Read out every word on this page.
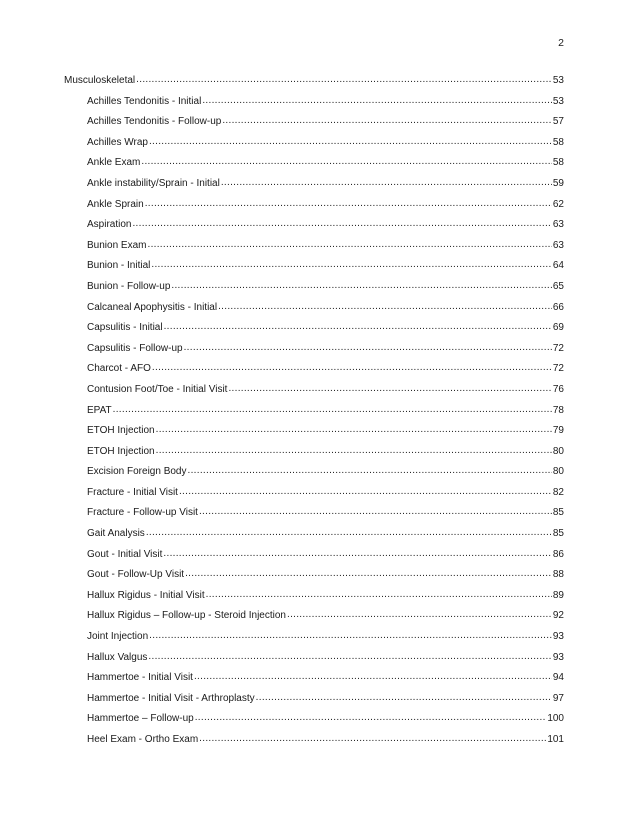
2
Musculoskeletal .....	53
Achilles Tendonitis - Initial .....	53
Achilles Tendonitis - Follow-up .....	57
Achilles Wrap .....	58
Ankle Exam .....	58
Ankle instability/Sprain - Initial .....	59
Ankle Sprain .....	62
Aspiration .....	63
Bunion Exam .....	63
Bunion - Initial .....	64
Bunion - Follow-up .....	65
Calcaneal Apophysitis - Initial .....	66
Capsulitis - Initial .....	69
Capsulitis - Follow-up .....	72
Charcot - AFO .....	72
Contusion Foot/Toe - Initial Visit .....	76
EPAT .....	78
ETOH Injection .....	79
ETOH Injection .....	80
Excision Foreign Body .....	80
Fracture - Initial Visit .....	82
Fracture - Follow-up Visit .....	85
Gait Analysis .....	85
Gout - Initial Visit .....	86
Gout - Follow-Up Visit .....	88
Hallux Rigidus - Initial Visit .....	89
Hallux Rigidus – Follow-up - Steroid Injection .....	92
Joint Injection .....	93
Hallux Valgus .....	93
Hammertoe - Initial Visit .....	94
Hammertoe - Initial Visit - Arthroplasty .....	97
Hammertoe – Follow-up .....	100
Heel Exam - Ortho Exam .....	101
